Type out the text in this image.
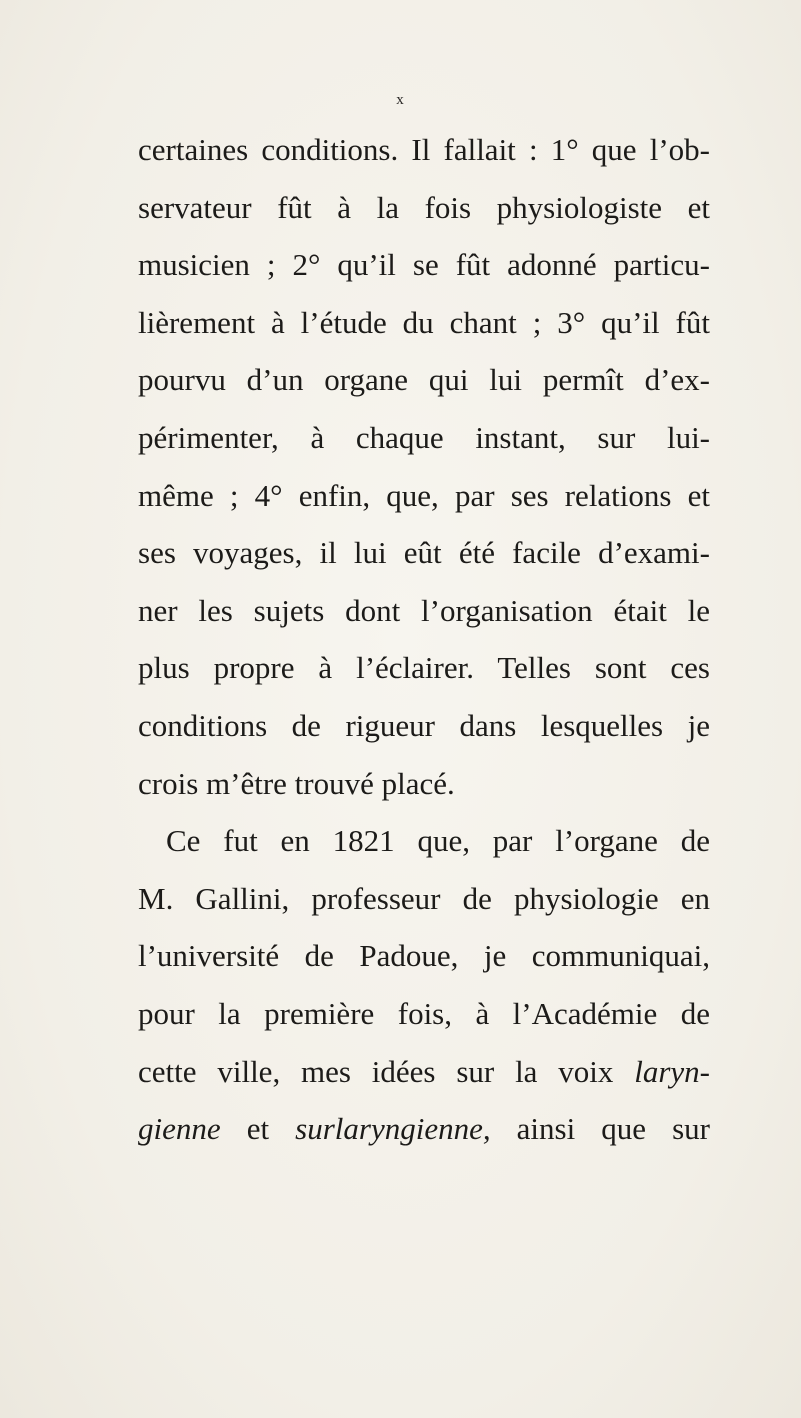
x
certaines conditions. Il fallait : 1° que l’ob-
servateur fût à la fois physiologiste et
musicien ; 2° qu’il se fût adonné particu-
lièrement à l’étude du chant ; 3° qu’il fût
pourvu d’un organe qui lui permît d’ex-
périmenter, à chaque instant, sur lui-
même ; 4° enfin, que, par ses relations et
ses voyages, il lui eût été facile d’exami-
ner les sujets dont l’organisation était le
plus propre à l’éclairer. Telles sont ces
conditions de rigueur dans lesquelles je
crois m’être trouvé placé.
Ce fut en 1821 que, par l’organe de
M. Gallini, professeur de physiologie en
l’université de Padoue, je communiquai,
pour la première fois, à l’Académie de
cette ville, mes idées sur la voix laryn-
gienne et surlaryngienne, ainsi que sur
